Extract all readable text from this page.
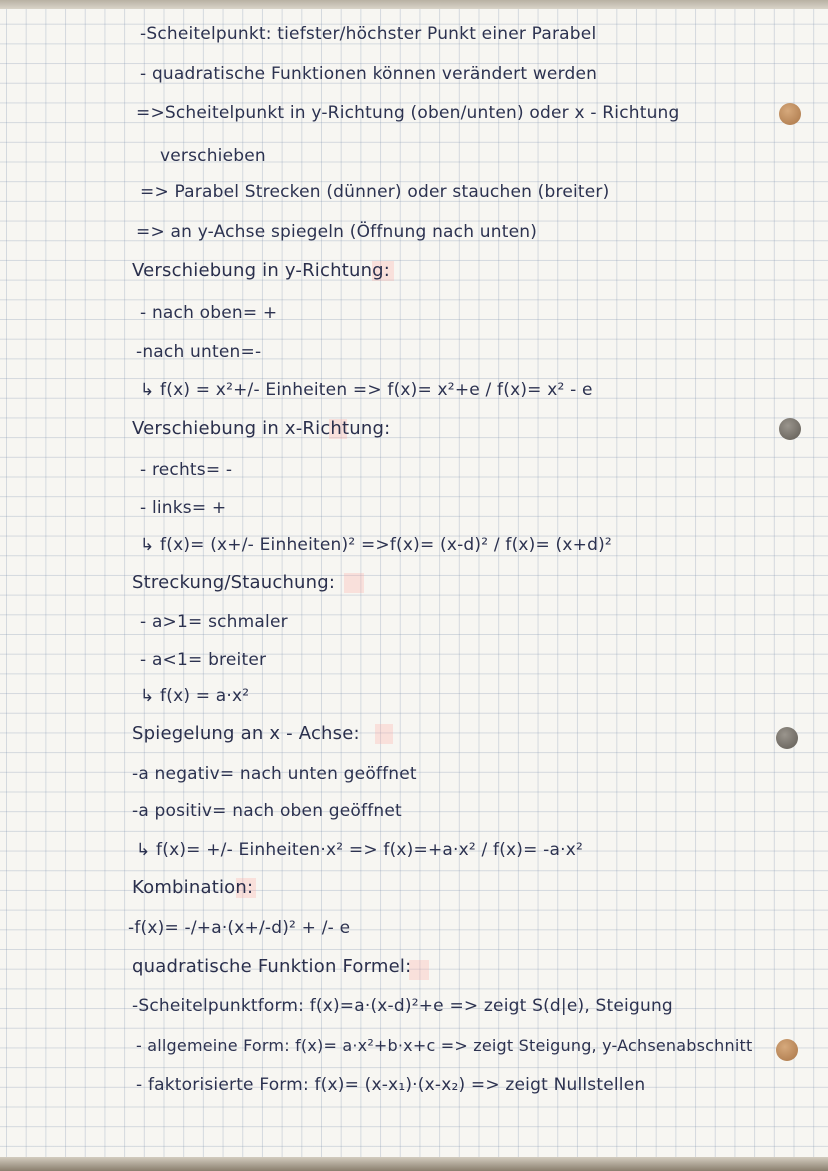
-Scheitelpunkt: tiefster/höchster Punkt einer Parabel
- quadratische Funktionen können verändert werden
=>Scheitelpunkt in y-Richtung (oben/unten) oder x - Richtung
verschieben
=> Parabel Strecken (dünner) oder stauchen (breiter)
=> an y-Achse spiegeln (Öffnung nach unten)
Verschiebung in y-Richtung:
- nach oben= +
-nach unten=-
↳ f(x) = x²+/- Einheiten => f(x)= x²+e / f(x)= x² - e
Verschiebung in x-Richtung:
- rechts= -
- links= +
↳ f(x)= (x+/- Einheiten)² =>f(x)= (x-d)² / f(x)= (x+d)²
Streckung/Stauchung:
- a>1= schmaler
- a<1= breiter
↳ f(x) = a·x²
Spiegelung an x - Achse:
-a negativ= nach unten geöffnet
-a positiv= nach oben geöffnet
↳ f(x)= +/- Einheiten·x² => f(x)=+a·x² / f(x)= -a·x²
Kombination:
-f(x)= -/+a·(x+/-d)² + /- e
quadratische Funktion Formel:
-Scheitelpunktform: f(x)=a·(x-d)²+e => zeigt S(d|e), Steigung
- allgemeine Form: f(x)= a·x²+b·x+c => zeigt Steigung, y-Achsenabschnitt
- faktorisierte Form: f(x)= (x-x₁)·(x-x₂) => zeigt Nullstellen
